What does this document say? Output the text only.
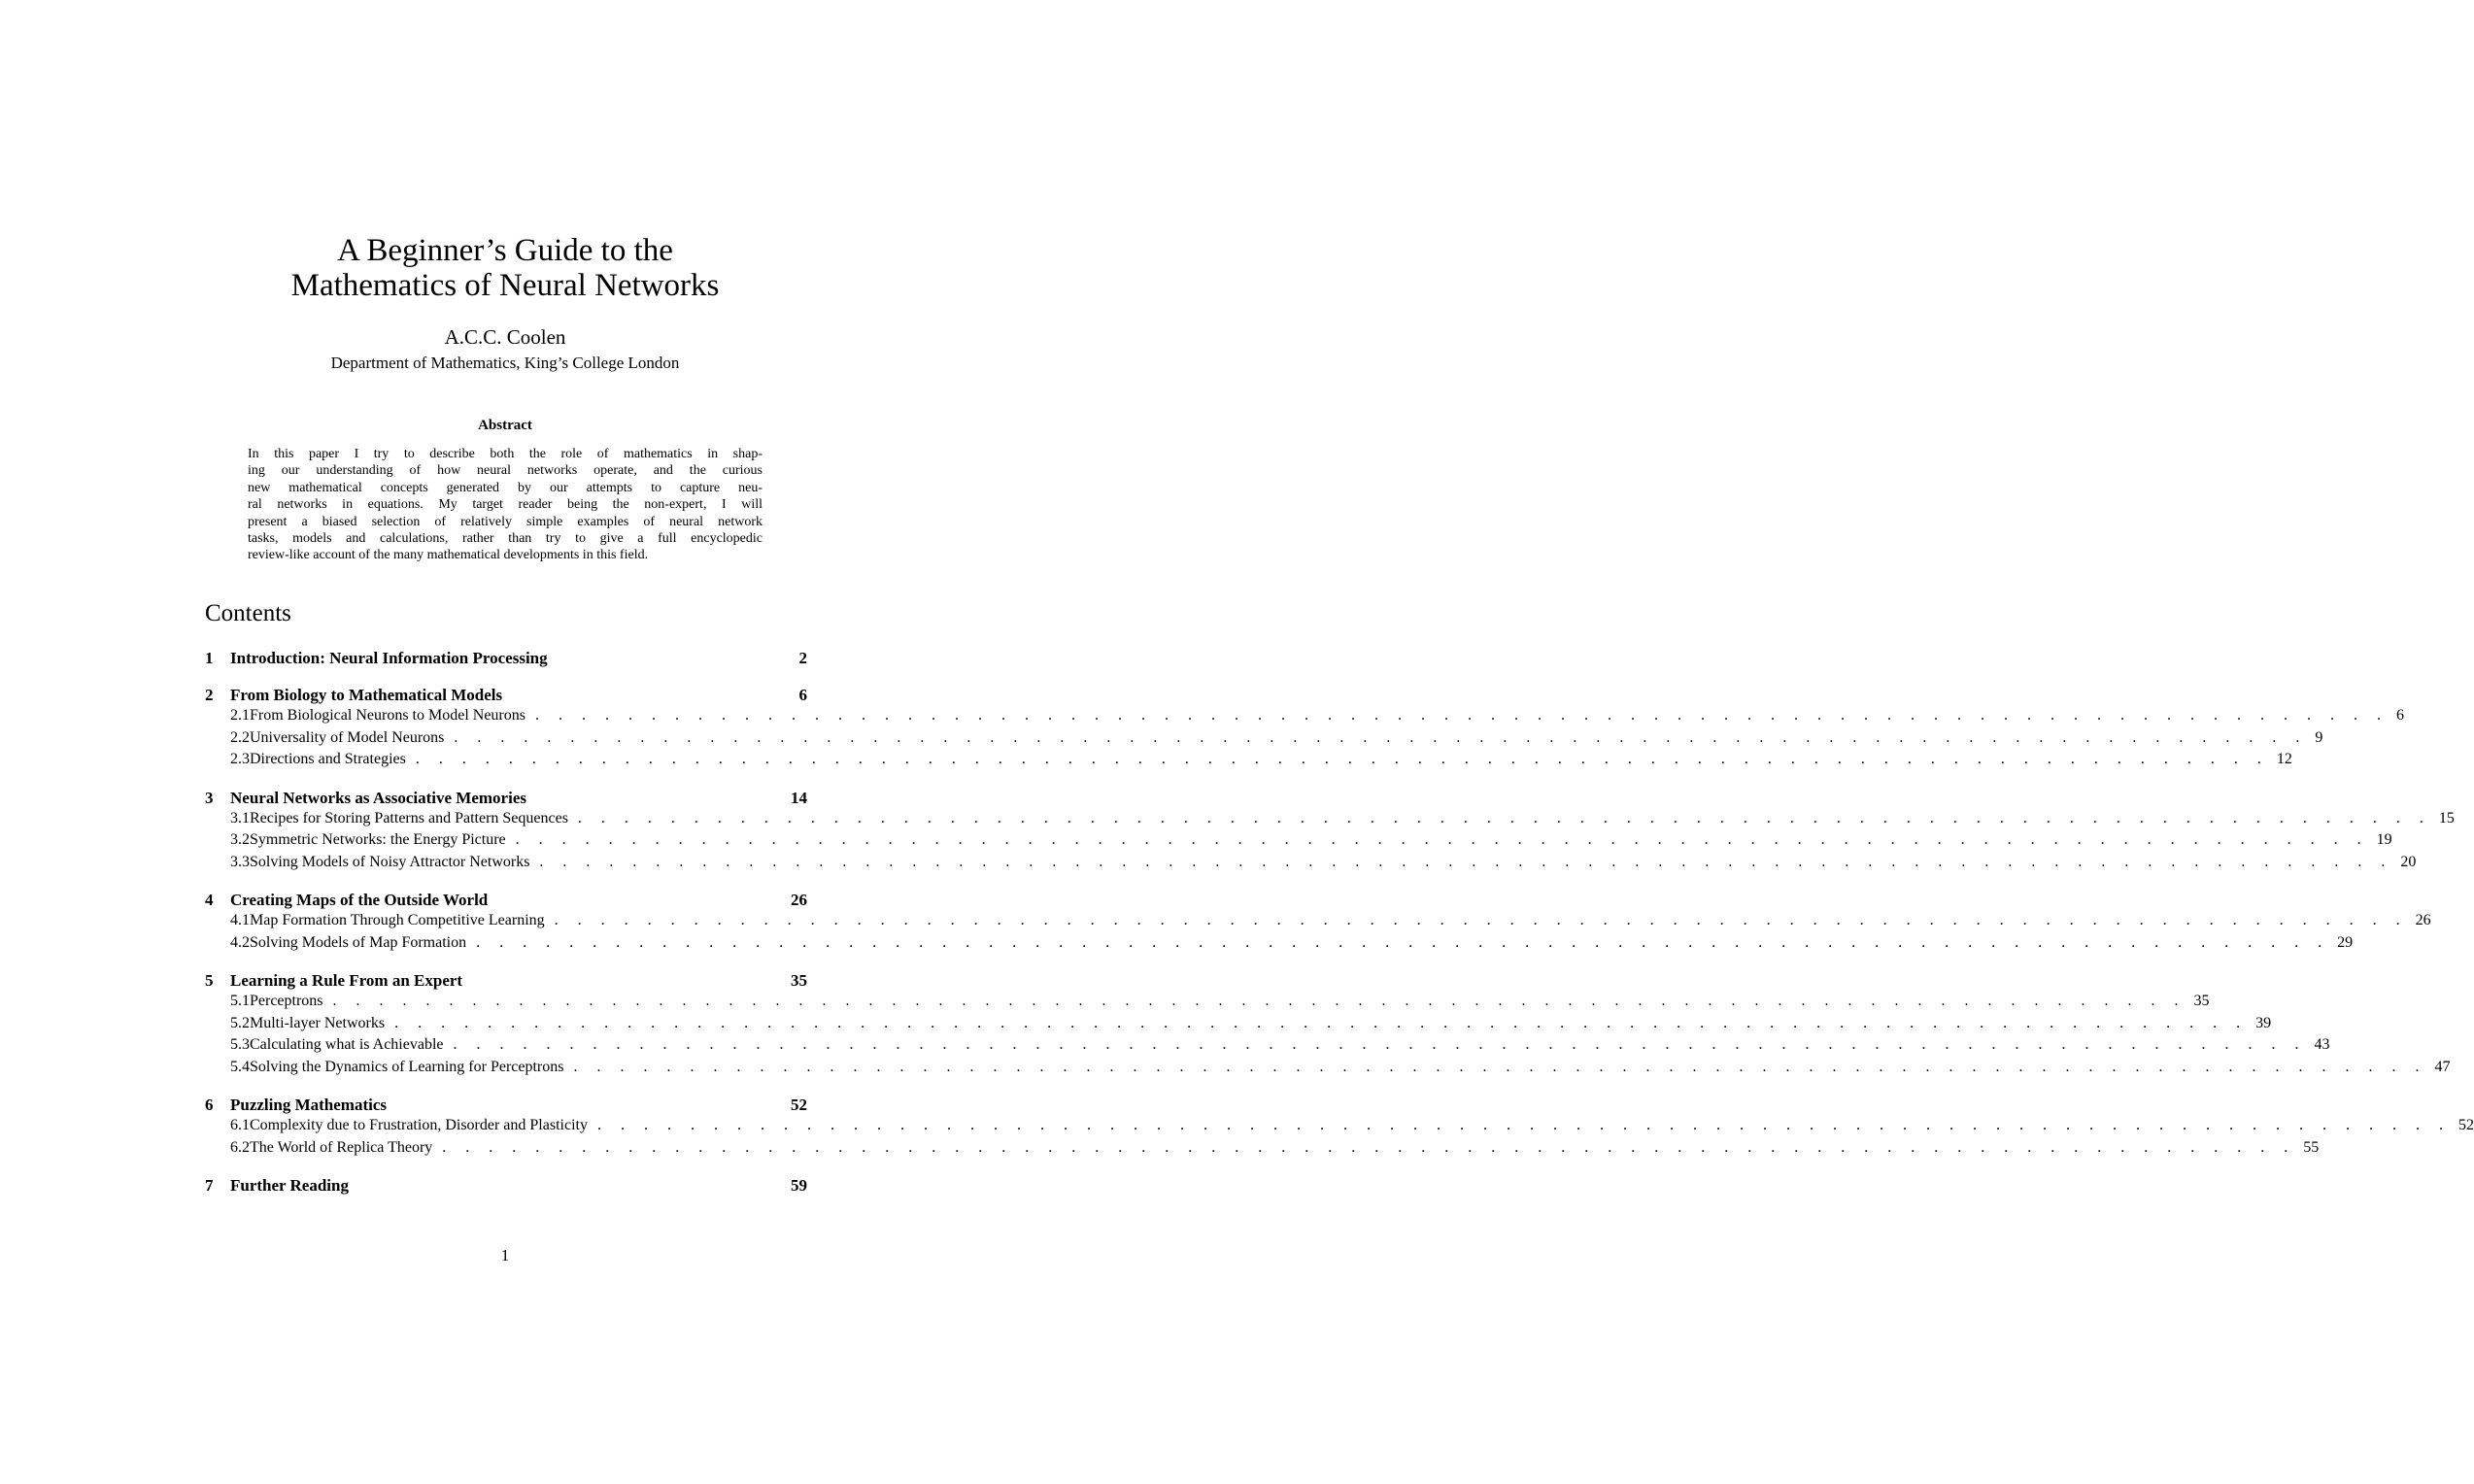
A Beginner’s Guide to the
Mathematics of Neural Networks
A.C.C. Coolen
Department of Mathematics, King’s College London
Abstract
In this paper I try to describe both the role of mathematics in shap-
ing our understanding of how neural networks operate, and the curious
new mathematical concepts generated by our attempts to capture neu-
ral networks in equations. My target reader being the non-expert, I will
present a biased selection of relatively simple examples of neural network
tasks, models and calculations, rather than try to give a full encyclopedic
review-like account of the many mathematical developments in this field.
Contents
1	Introduction: Neural Information Processing	2
2	From Biology to Mathematical Models	6
2.1 From Biological Neurons to Model Neurons . . . . . . . . . . . . . . . . . . . . . . . . . . . . . . . . . . . . . . . . . . . . . . . . . . . . . . . . . . . . . . . . . . . . . . . . . . . . . . . . 6
2.2 Universality of Model Neurons . . . . . . . . . . . . . . . . . . . . . . . . . . . . . . . . . . . . . . . . . . . . . . . . . . . . . . . . . . . . . . . . . . . . . . . . . . . . . . . . 9
2.3 Directions and Strategies . . . . . . . . . . . . . . . . . . . . . . . . . . . . . . . . . . . . . . . . . . . . . . . . . . . . . . . . . . . . . . . . . . . . . . . . . . . . . . . . 12
3	Neural Networks as Associative Memories	14
3.1 Recipes for Storing Patterns and Pattern Sequences . . . . . . . . . . . . . . . . . . . . . . . . . . . . . . . . . . . . . . . . . . . . . . . . . . . . . . . . . . . . . . . . . . . . . . . . . . . . . . . . 15
3.2 Symmetric Networks: the Energy Picture . . . . . . . . . . . . . . . . . . . . . . . . . . . . . . . . . . . . . . . . . . . . . . . . . . . . . . . . . . . . . . . . . . . . . . . . . . . . . . . . 19
3.3 Solving Models of Noisy Attractor Networks . . . . . . . . . . . . . . . . . . . . . . . . . . . . . . . . . . . . . . . . . . . . . . . . . . . . . . . . . . . . . . . . . . . . . . . . . . . . . . . . 20
4	Creating Maps of the Outside World	26
4.1 Map Formation Through Competitive Learning . . . . . . . . . . . . . . . . . . . . . . . . . . . . . . . . . . . . . . . . . . . . . . . . . . . . . . . . . . . . . . . . . . . . . . . . . . . . . . . . 26
4.2 Solving Models of Map Formation . . . . . . . . . . . . . . . . . . . . . . . . . . . . . . . . . . . . . . . . . . . . . . . . . . . . . . . . . . . . . . . . . . . . . . . . . . . . . . . . 29
5	Learning a Rule From an Expert	35
5.1 Perceptrons . . . . . . . . . . . . . . . . . . . . . . . . . . . . . . . . . . . . . . . . . . . . . . . . . . . . . . . . . . . . . . . . . . . . . . . . . . . . . . . . 35
5.2 Multi-layer Networks . . . . . . . . . . . . . . . . . . . . . . . . . . . . . . . . . . . . . . . . . . . . . . . . . . . . . . . . . . . . . . . . . . . . . . . . . . . . . . . . 39
5.3 Calculating what is Achievable . . . . . . . . . . . . . . . . . . . . . . . . . . . . . . . . . . . . . . . . . . . . . . . . . . . . . . . . . . . . . . . . . . . . . . . . . . . . . . . . 43
5.4 Solving the Dynamics of Learning for Perceptrons . . . . . . . . . . . . . . . . . . . . . . . . . . . . . . . . . . . . . . . . . . . . . . . . . . . . . . . . . . . . . . . . . . . . . . . . . . . . . . . . 47
6	Puzzling Mathematics	52
6.1 Complexity due to Frustration, Disorder and Plasticity . . . . . . . . . . . . . . . . . . . . . . . . . . . . . . . . . . . . . . . . . . . . . . . . . . . . . . . . . . . . . . . . . . . . . . . . . . . . . . . . 52
6.2 The World of Replica Theory . . . . . . . . . . . . . . . . . . . . . . . . . . . . . . . . . . . . . . . . . . . . . . . . . . . . . . . . . . . . . . . . . . . . . . . . . . . . . . . . 55
7	Further Reading	59
1
